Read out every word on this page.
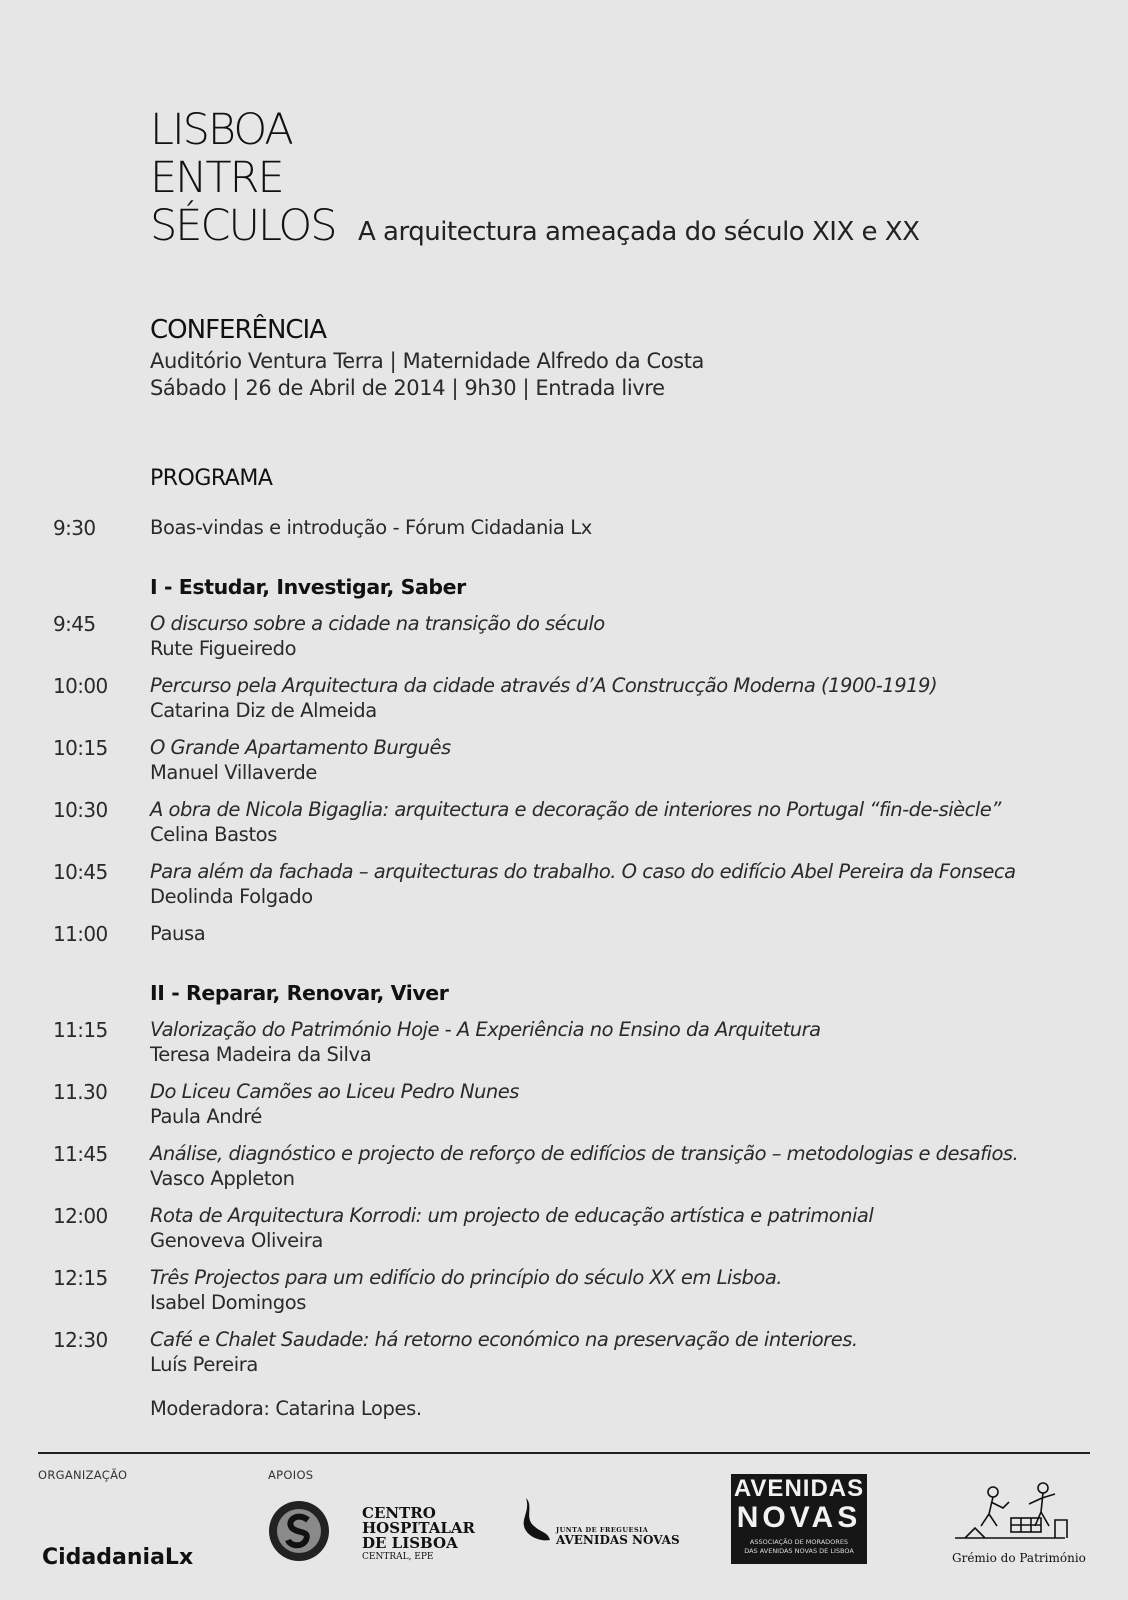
LISBOA
ENTRE
SÉCULOS A arquitectura ameaçada do século XIX e XX
CONFERÊNCIA
Auditório Ventura Terra | Maternidade Alfredo da Costa
Sábado | 26 de Abril de 2014 | 9h30 | Entrada livre
PROGRAMA
9:30	Boas-vindas e introdução - Fórum Cidadania Lx
I - Estudar, Investigar, Saber
9:45	O discurso sobre a cidade na transição do século
Rute Figueiredo
10:00 Percurso pela Arquitectura da cidade através d’A Construcção Moderna (1900-1919)
Catarina Diz de Almeida
10:15 O Grande Apartamento Burguês
Manuel Villaverde
10:30 A obra de Nicola Bigaglia: arquitectura e decoração de interiores no Portugal “fin-de-siècle”
Celina Bastos
10:45 Para além da fachada – arquitecturas do trabalho. O caso do edifício Abel Pereira da Fonseca
Deolinda Folgado
11:00 Pausa
II - Reparar, Renovar, Viver
11:15 Valorização do Património Hoje - A Experiência no Ensino da Arquitetura
Teresa Madeira da Silva
11.30 Do Liceu Camões ao Liceu Pedro Nunes
Paula André
11:45 Análise, diagnóstico e projecto de reforço de edifícios de transição – metodologias e desafios.
Vasco Appleton
12:00 Rota de Arquitectura Korrodi: um projecto de educação artística e patrimonial
Genoveva Oliveira
12:15 Três Projectos para um edifício do princípio do século XX em Lisboa.
Isabel Domingos
12:30 Café e Chalet Saudade: há retorno económico na preservação de interiores.
Luís Pereira
Moderadora: Catarina Lopes.
ORGANIZAÇÃO	APOIOS
CidadaniaLx
CENTRO
HOSPITALAR
DE LISBOA
CENTRAL, EPE
JUNTA DE FREGUESIA
AVENIDAS NOVAS
AVENIDAS
NOVAS
ASSOCIAÇÃO DE MORADORES
DAS AVENIDAS NOVAS DE LISBOA	Grémio do Património
